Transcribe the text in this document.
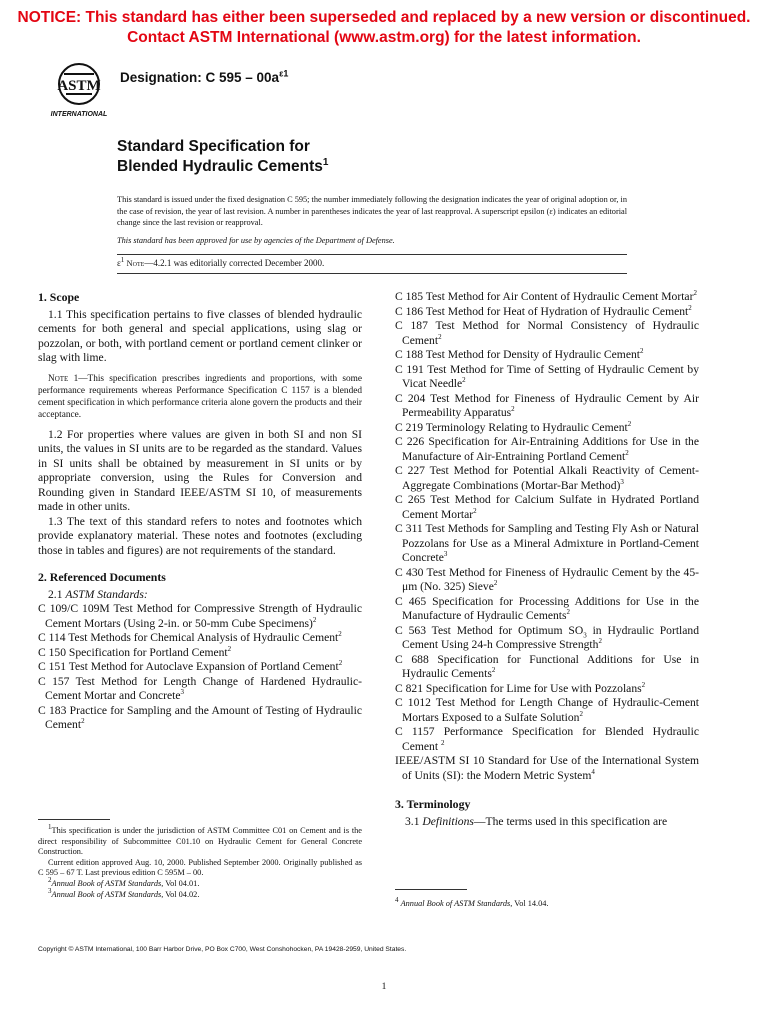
NOTICE: This standard has either been superseded and replaced by a new version or discontinued.
Contact ASTM International (www.astm.org) for the latest information.
ASTM
INTERNATIONAL
Designation: C $595 - 00a^{\varepsilon 1}$
Standard Specification for
Blended Hydraulic Cements$^1$
This standard is issued under the fixed designation C 595; the number immediately following the designation indicates the year of original adoption or, in the case of revision, the year of last revision. A number in parentheses indicates the year of last reapproval. A superscript epsilon (ε) indicates an editorial change since the last revision or reapproval.
This standard has been approved for use by agencies of the Department of Defense.
$\varepsilon^1$ Note—4.2.1 was editorially corrected December 2000.
1. Scope

1.1 This specification pertains to five classes of blended hydraulic cements for both general and special applications, using slag or pozzolan, or both, with portland cement or portland cement clinker or slag with lime.

Note 1—This specification prescribes ingredients and proportions, with some performance requirements whereas Performance Specification C 1157 is a blended cement specification in which performance criteria alone govern the products and their acceptance.

1.2 For properties where values are given in both SI and non SI units, the values in SI units are to be regarded as the standard. Values in SI units shall be obtained by measurement in SI units or by appropriate conversion, using the Rules for Conversion and Rounding given in Standard IEEE/ASTM SI 10, of measurements made in other units.

1.3 The text of this standard refers to notes and footnotes which provide explanatory material. These notes and footnotes (excluding those in tables and figures) are not requirements of the standard.

2. Referenced Documents

2.1 ASTM Standards:

C 109/C 109M Test Method for Compressive Strength of Hydraulic Cement Mortars (Using 2-in. or 50-mm Cube Specimens)$^2$

C 114 Test Methods for Chemical Analysis of Hydraulic Cement$^2$

C 150 Specification for Portland Cement$^2$

C 151 Test Method for Autoclave Expansion of Portland Cement$^2$

C 157 Test Method for Length Change of Hardened Hydraulic-Cement Mortar and Concrete$^3$

C 183 Practice for Sampling and the Amount of Testing of Hydraulic Cement$^2$

C 185 Test Method for Air Content of Hydraulic Cement Mortar$^2$

C 186 Test Method for Heat of Hydration of Hydraulic Cement$^2$

C 187 Test Method for Normal Consistency of Hydraulic Cement$^2$

C 188 Test Method for Density of Hydraulic Cement$^2$

C 191 Test Method for Time of Setting of Hydraulic Cement by Vicat Needle$^2$

C 204 Test Method for Fineness of Hydraulic Cement by Air Permeability Apparatus$^2$

C 219 Terminology Relating to Hydraulic Cement$^2$

C 226 Specification for Air-Entraining Additions for Use in the Manufacture of Air-Entraining Portland Cement$^2$

C 227 Test Method for Potential Alkali Reactivity of Cement-Aggregate Combinations (Mortar-Bar Method)$^3$

C 265 Test Method for Calcium Sulfate in Hydrated Portland Cement Mortar$^2$

C 311 Test Methods for Sampling and Testing Fly Ash or Natural Pozzolans for Use as a Mineral Admixture in Portland-Cement Concrete$^3$

C 430 Test Method for Fineness of Hydraulic Cement by the 45-μm (No. 325) Sieve$^2$

C 465 Specification for Processing Additions for Use in the Manufacture of Hydraulic Cements$^2$

C 563 Test Method for Optimum $SO_3$ in Hydraulic Portland Cement Using 24-h Compressive Strength$^2$

C 688 Specification for Functional Additions for Use in Hydraulic Cements$^2$

C 821 Specification for Lime for Use with Pozzolans$^2$

C 1012 Test Method for Length Change of Hydraulic-Cement Mortars Exposed to a Sulfate Solution$^2$

C 1157 Performance Specification for Blended Hydraulic Cement $^2$

IEEE/ASTM SI 10 Standard for Use of the International System of Units (SI): the Modern Metric System$^4$

3. Terminology

3.1 Definitions—The terms used in this specification are

$^1$This specification is under the jurisdiction of ASTM Committee C01 on Cement and is the direct responsibility of Subcommittee C01.10 on Hydraulic Cement for General Concrete Construction.

Current edition approved Aug. 10, 2000. Published September 2000. Originally published as C 595 – 67 T. Last previous edition C 595M – 00.

$^2$Annual Book of ASTM Standards, Vol 04.01.

$^3$Annual Book of ASTM Standards, Vol 04.02.

$^4$ Annual Book of ASTM Standards, Vol 14.04.
Copyright © ASTM International, 100 Barr Harbor Drive, PO Box C700, West Conshohocken, PA 19428-2959, United States.
1
